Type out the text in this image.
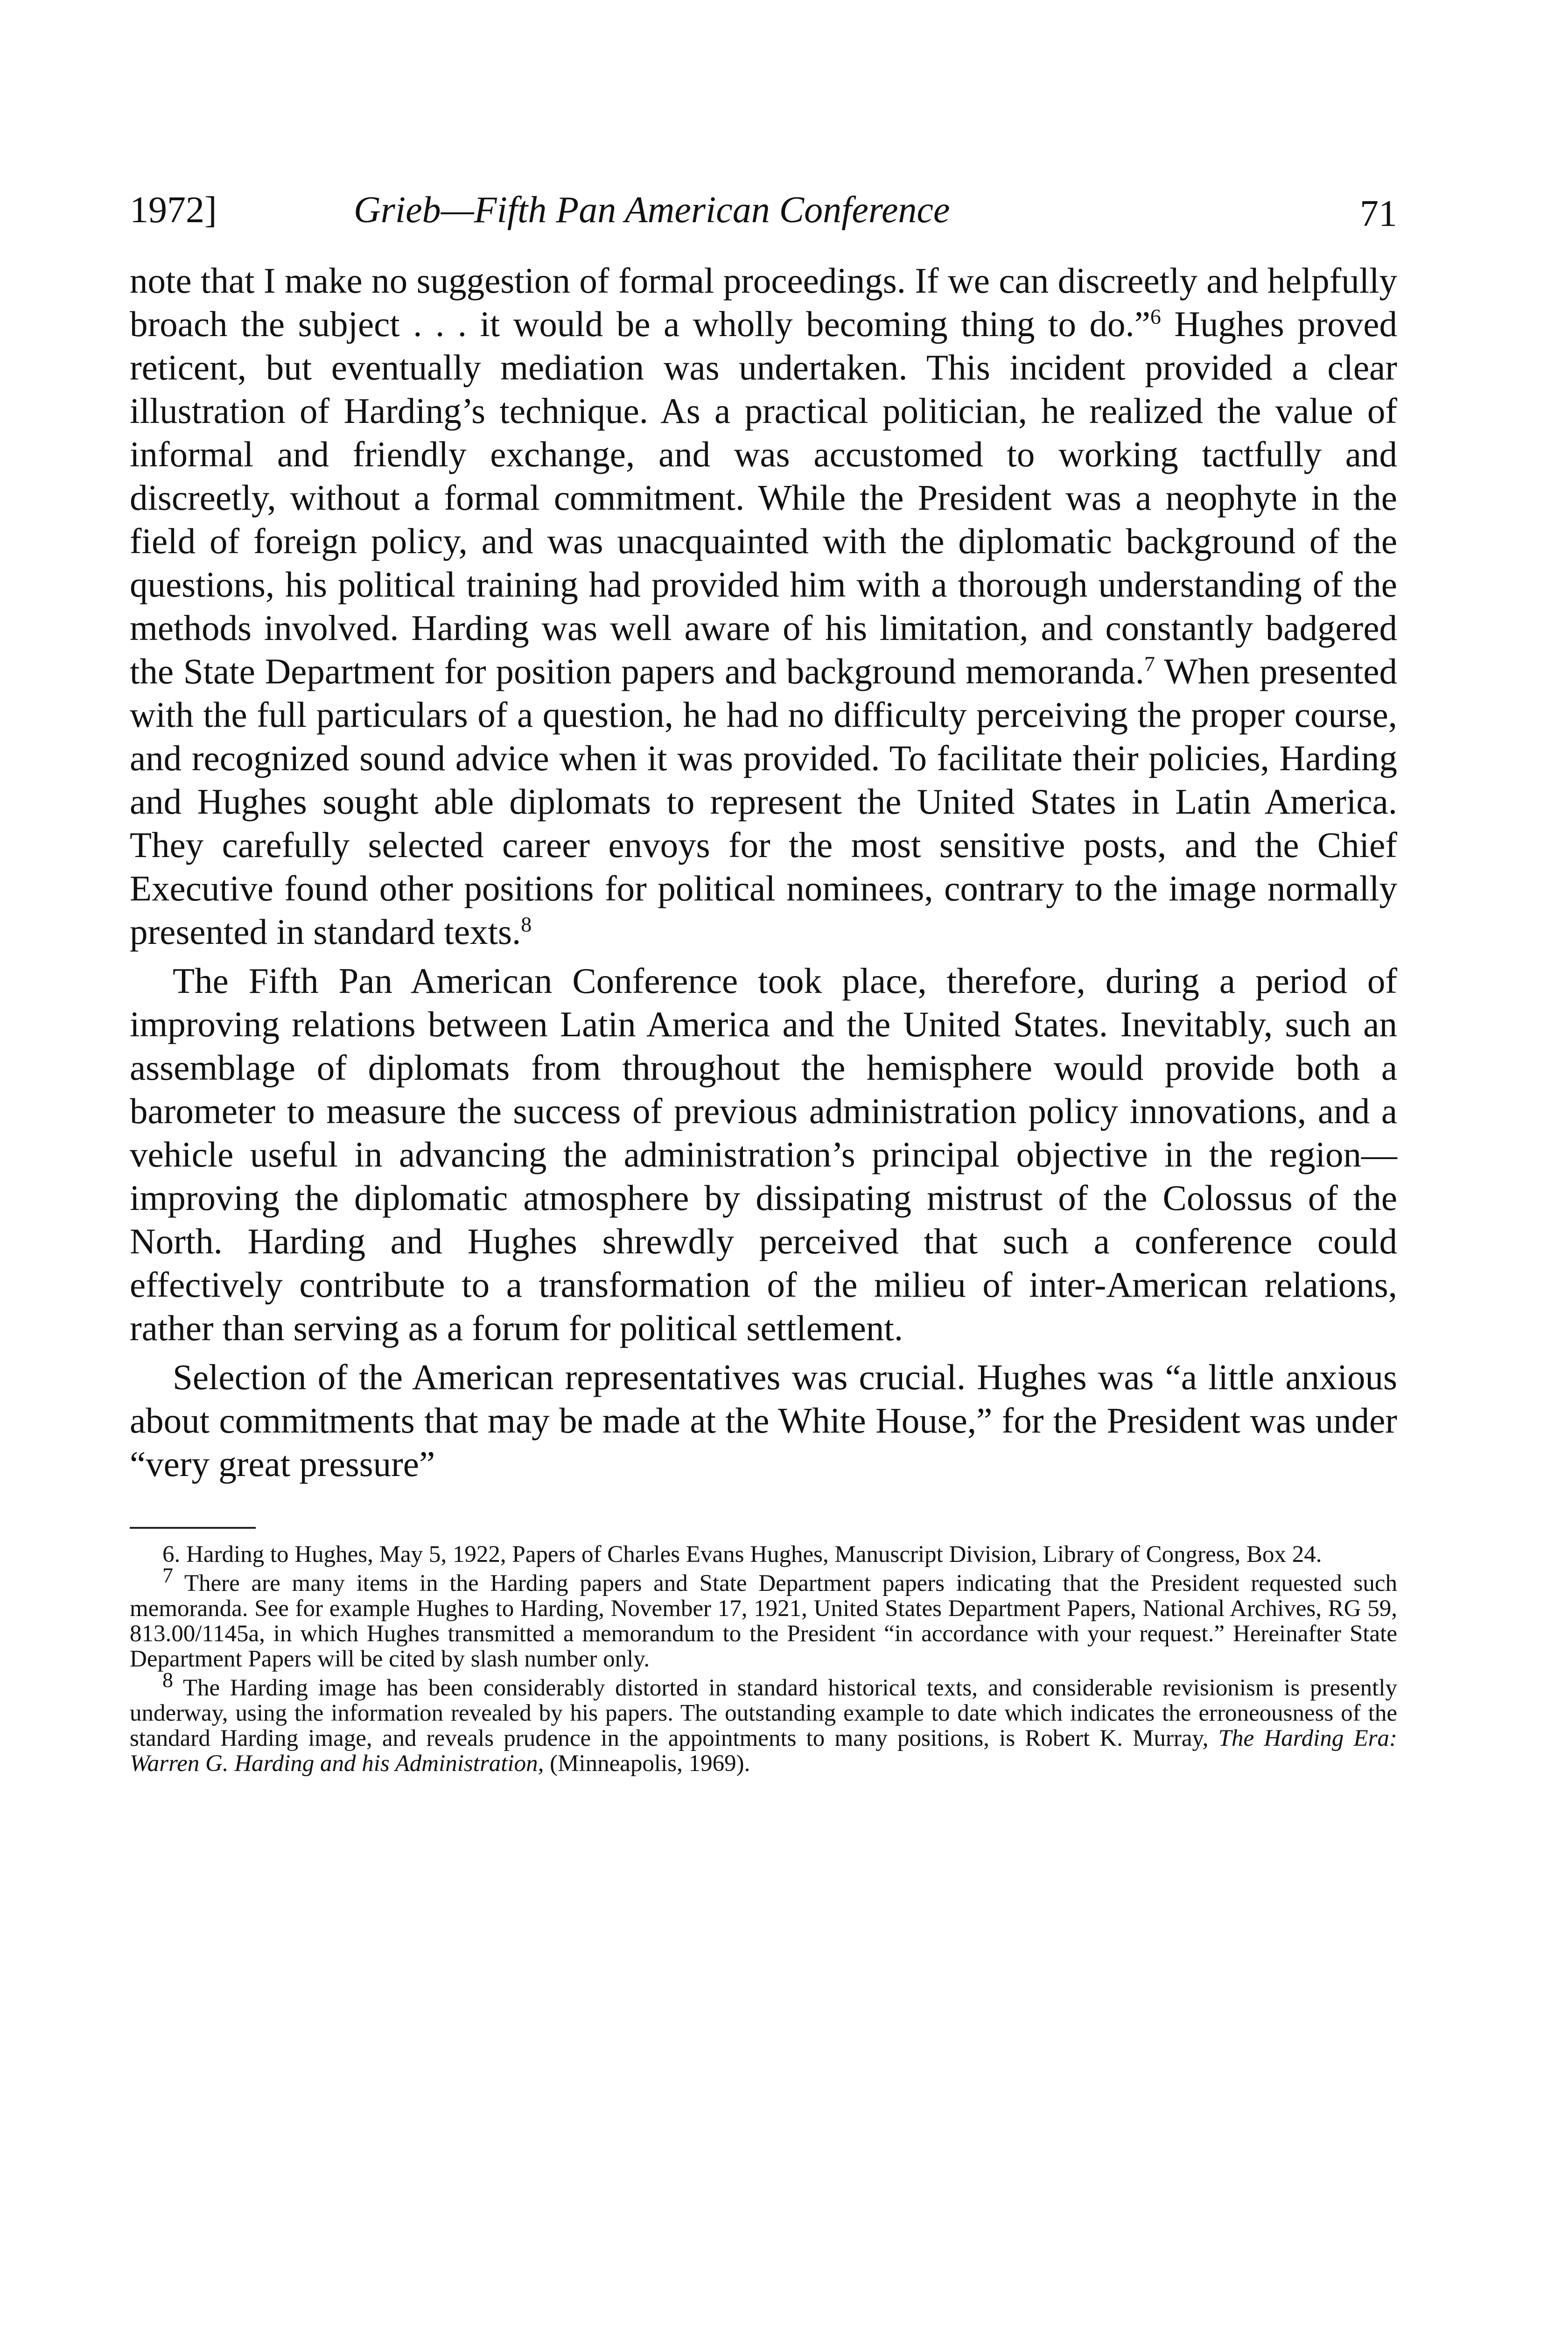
1972]	Grieb—Fifth Pan American Conference	71

note that I make no suggestion of formal proceedings. If we can discreetly and helpfully broach the subject . . . it would be a wholly becoming thing to do.”$^6$ Hughes proved reticent, but eventually mediation was undertaken. This incident provided a clear illustration of Harding’s technique. As a practical politician, he realized the value of informal and friendly exchange, and was accustomed to working tactfully and discreetly, without a formal commitment. While the President was a neophyte in the field of foreign policy, and was unacquainted with the diplomatic background of the questions, his political training had provided him with a thorough understanding of the methods involved. Harding was well aware of his limitation, and constantly badgered the State Department for position papers and background memoranda.$^7$ When presented with the full particulars of a question, he had no difficulty perceiving the proper course, and recognized sound advice when it was provided. To facilitate their policies, Harding and Hughes sought able diplomats to represent the United States in Latin America. They carefully selected career envoys for the most sensitive posts, and the Chief Executive found other positions for political nominees, contrary to the image normally presented in standard texts.$^8$

The Fifth Pan American Conference took place, therefore, during a period of improving relations between Latin America and the United States. Inevitably, such an assemblage of diplomats from throughout the hemisphere would provide both a barometer to measure the success of previous administration policy innovations, and a vehicle useful in advancing the administration’s principal objective in the region—improving the diplomatic atmosphere by dissipating mistrust of the Colossus of the North. Harding and Hughes shrewdly perceived that such a conference could effectively contribute to a transformation of the milieu of inter-American relations, rather than serving as a forum for political settlement.

Selection of the American representatives was crucial. Hughes was “a little anxious about commitments that may be made at the White House,” for the President was under “very great pressure”

6. Harding to Hughes, May 5, 1922, Papers of Charles Evans Hughes, Manuscript Division, Library of Congress, Box 24.

$^7$ There are many items in the Harding papers and State Department papers indicating that the President requested such memoranda. See for example Hughes to Harding, November 17, 1921, United States Department Papers, National Archives, RG 59, 813.00/1145a, in which Hughes transmitted a memorandum to the President “in accordance with your request.” Hereinafter State Department Papers will be cited by slash number only.

$^8$ The Harding image has been considerably distorted in standard historical texts, and considerable revisionism is presently underway, using the information revealed by his papers. The outstanding example to date which indicates the erroneousness of the standard Harding image, and reveals prudence in the appointments to many positions, is Robert K. Murray, The Harding Era: Warren G. Harding and his Administration, (Minneapolis, 1969).
